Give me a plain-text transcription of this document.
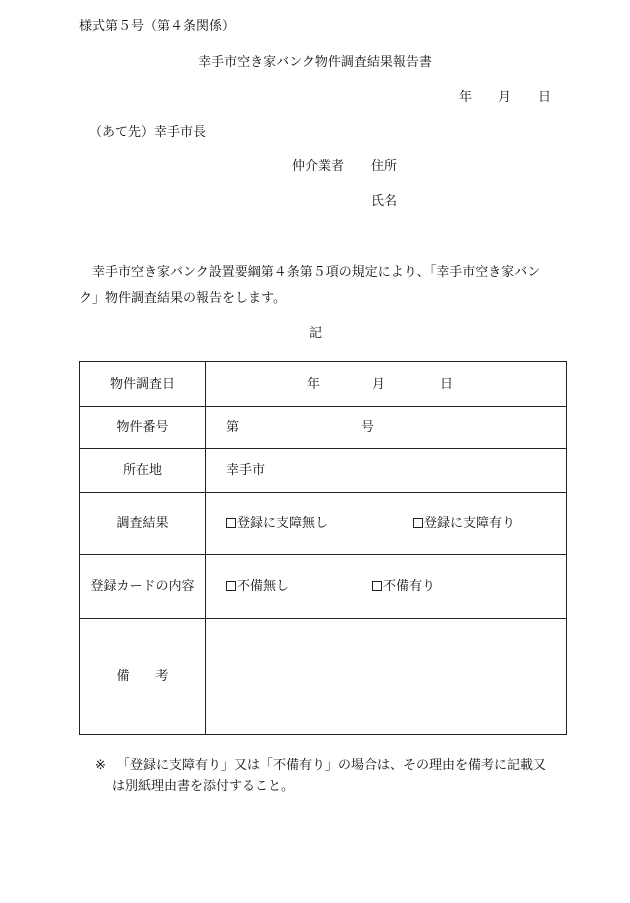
様式第５号（第４条関係）
幸手市空き家バンク物件調査結果報告書
年 月 日
（あて先）幸手市長
仲介業者 住所
氏名
幸手市空き家バンク設置要綱第４条第５項の規定により、「幸手市空き家バン
ク」物件調査結果の報告をします。
記
物件調査日	年	月	日
物件番号	第	号
所在地	幸手市
調査結果	登録に支障無し	登録に支障有り
登録カードの内容	不備無し	不備有り
備　　考
※ 「登録に支障有り」又は「不備有り」の場合は、その理由を備考に記載又
は別紙理由書を添付すること。
